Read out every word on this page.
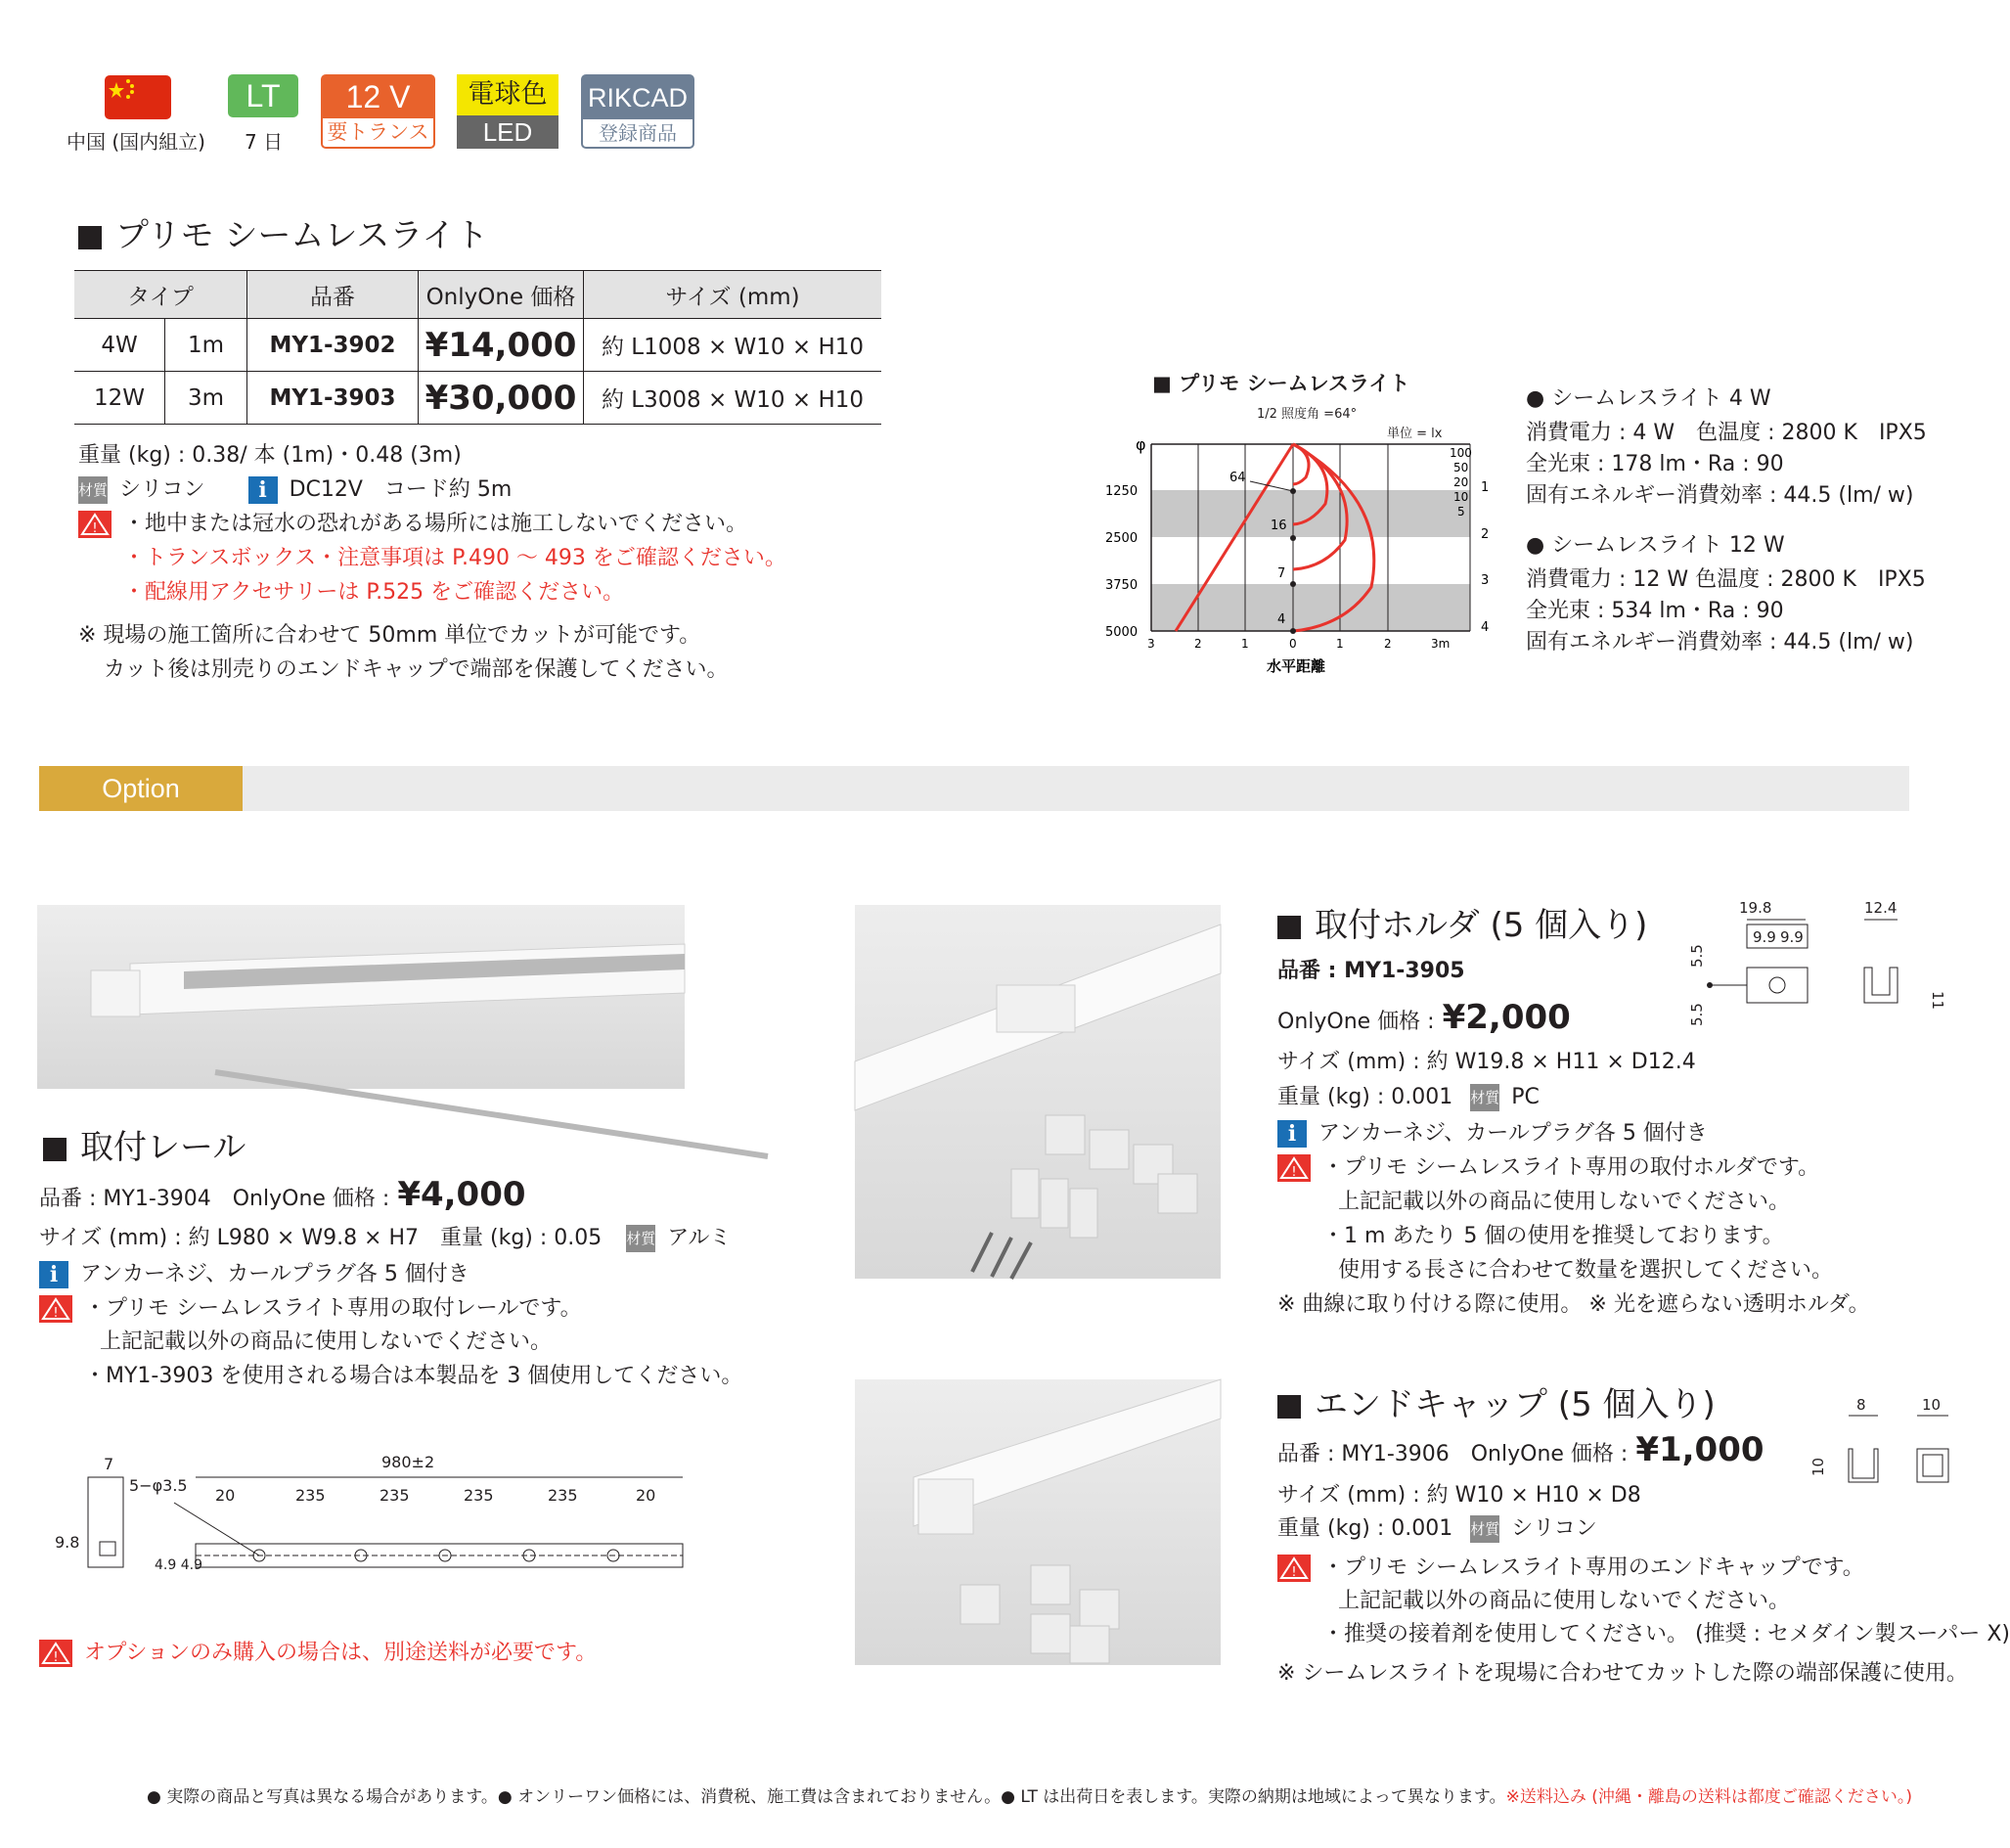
中国 (国内組立)
LT
7 日
12 V
要トランス
電球色
LED
RIKCAD
登録商品
プリモ シームレスライト
タイプ		品番	OnlyOne 価格	サイズ (mm)
4W	1m	MY1-3902	¥14,000	約 L1008 × W10 × H10
12W	3m	MY1-3903	¥30,000	約 L3008 × W10 × H10
重量 (kg) : 0.38/ 本 (1m)・0.48 (3m)
材質 シリコン i DC12V　コード約 5m
! ・地中または冠水の恐れがある場所には施工しないでください。
・トランスボックス・注意事項は P.490 〜 493 をご確認ください。
・配線用アクセサリーは P.525 をご確認ください。
※ 現場の施工箇所に合わせて 50mm 単位でカットが可能です。
カット後は別売りのエンドキャップで端部を保護してください。
■ プリモ シームレスライト
1/2 照度角 =64°
単位 = lx
φ
1250
2500
3750
5000
100
50
20
10
5
1
2
3
4
64
16
7
4
3	2	1	0	1	2	3m
水平距離
● シームレスライト 4 W
消費電力 : 4 W　色温度 : 2800 K　IPX5
全光束 : 178 lm・Ra : 90
固有エネルギー消費効率 : 44.5 (lm/ w)
● シームレスライト 12 W
消費電力 : 12 W 色温度 : 2800 K　IPX5
全光束 : 534 lm・Ra : 90
固有エネルギー消費効率 : 44.5 (lm/ w)
Option
取付レール
品番 : MY1-3904　OnlyOne 価格 : ¥4,000
サイズ (mm) : 約 L980 × W9.8 × H7　重量 (kg) : 0.05 材質 アルミ
i アンカーネジ、カールプラグ各 5 個付き
! ・プリモ シームレスライト専用の取付レールです。
上記記載以外の商品に使用しないでください。
・MY1-3903 を使用される場合は本製品を 3 個使用してください。
7
9.8
980±2
5−φ3.5
20	235	235	235	235	20
4.9 4.9
! オプションのみ購入の場合は、別途送料が必要です。
取付ホルダ (5 個入り)
品番 : MY1-3905
OnlyOne 価格 : ¥2,000
サイズ (mm) : 約 W19.8 × H11 × D12.4
重量 (kg) : 0.001 材質 PC
i アンカーネジ、カールプラグ各 5 個付き
! ・プリモ シームレスライト専用の取付ホルダです。
上記記載以外の商品に使用しないでください。
・1 m あたり 5 個の使用を推奨しております。
使用する長さに合わせて数量を選択してください。
※ 曲線に取り付ける際に使用。 ※ 光を遮らない透明ホルダ。
19.8
9.9 9.9
5.5
5.5
12.4
11
エンドキャップ (5 個入り)
品番 : MY1-3906　OnlyOne 価格 : ¥1,000
サイズ (mm) : 約 W10 × H10 × D8
重量 (kg) : 0.001 材質 シリコン
! ・プリモ シームレスライト専用のエンドキャップです。
上記記載以外の商品に使用しないでください。
・推奨の接着剤を使用してください。 (推奨 : セメダイン製スーパー X)
※ シームレスライトを現場に合わせてカットした際の端部保護に使用。
8
10
10
● 実際の商品と写真は異なる場合があります。● オンリーワン価格には、消費税、施工費は含まれておりません。● LT は出荷日を表します。実際の納期は地域によって異なります。※送料込み (沖縄・離島の送料は都度ご確認ください。)
